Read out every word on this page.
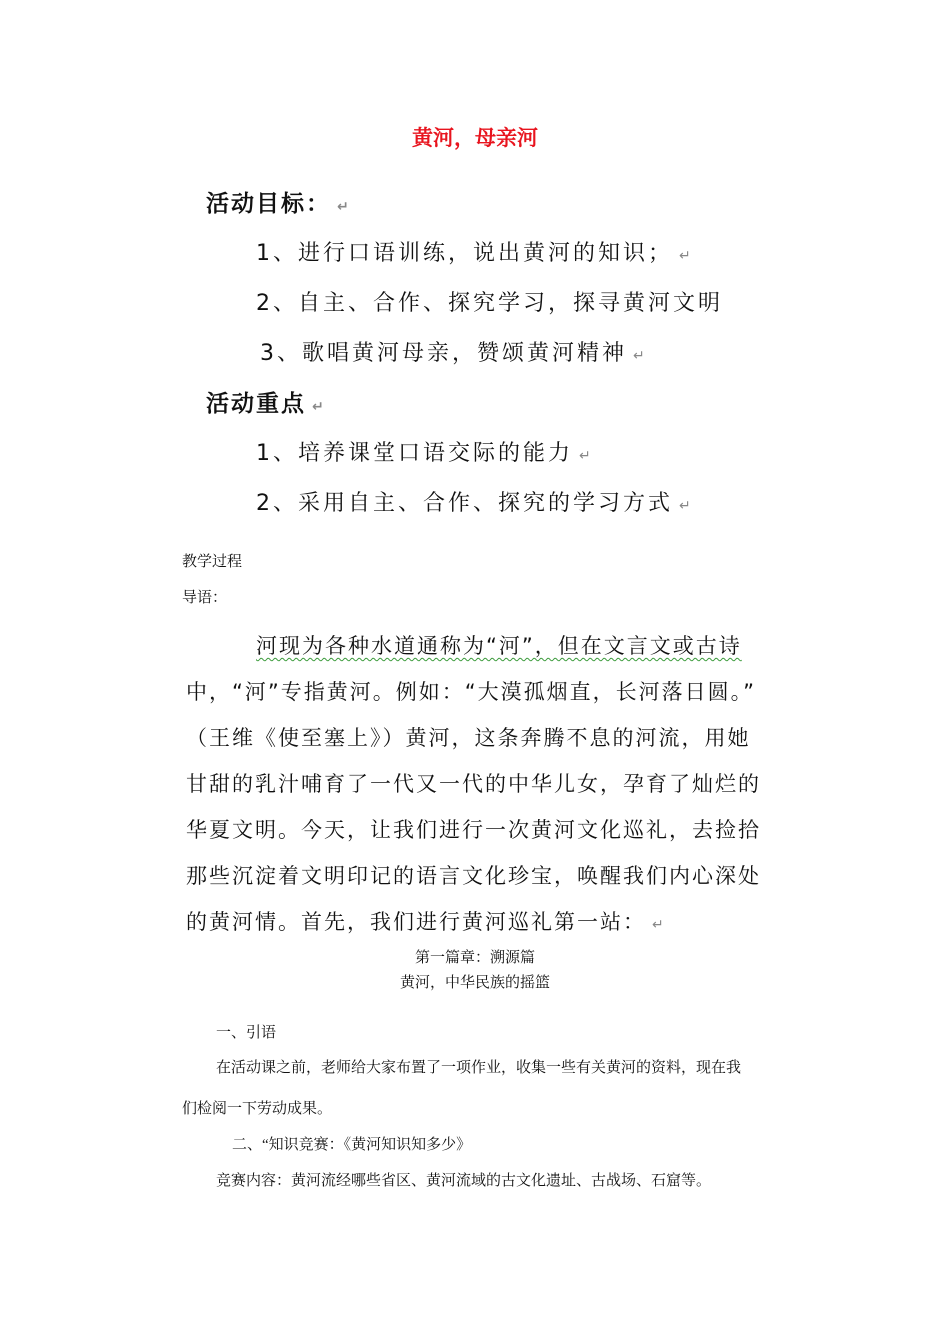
黄河，母亲河
活动目标： ↵
1、进行口语训练，说出黄河的知识； ↵
2、自主、合作、探究学习，探寻黄河文明
3、歌唱黄河母亲，赞颂黄河精神 ↵
活动重点 ↵
1、培养课堂口语交际的能力 ↵
2、采用自主、合作、探究的学习方式 ↵
教学过程
导语：
河现为各种水道通称为“河”，但在文言文或古诗
中，“河”专指黄河。例如：“大漠孤烟直，长河落日圆。”
（王维《使至塞上》）黄河，这条奔腾不息的河流，用她
甘甜的乳汁哺育了一代又一代的中华儿女，孕育了灿烂的
华夏文明。今天，让我们进行一次黄河文化巡礼，去捡拾
那些沉淀着文明印记的语言文化珍宝，唤醒我们内心深处
的黄河情。首先，我们进行黄河巡礼第一站： ↵
第一篇章：溯源篇
黄河，中华民族的摇篮
一、引语
在活动课之前，老师给大家布置了一项作业，收集一些有关黄河的资料，现在我
们检阅一下劳动成果。
二、“知识竞赛：《黄河知识知多少》
竞赛内容：黄河流经哪些省区、黄河流域的古文化遗址、古战场、石窟等。
